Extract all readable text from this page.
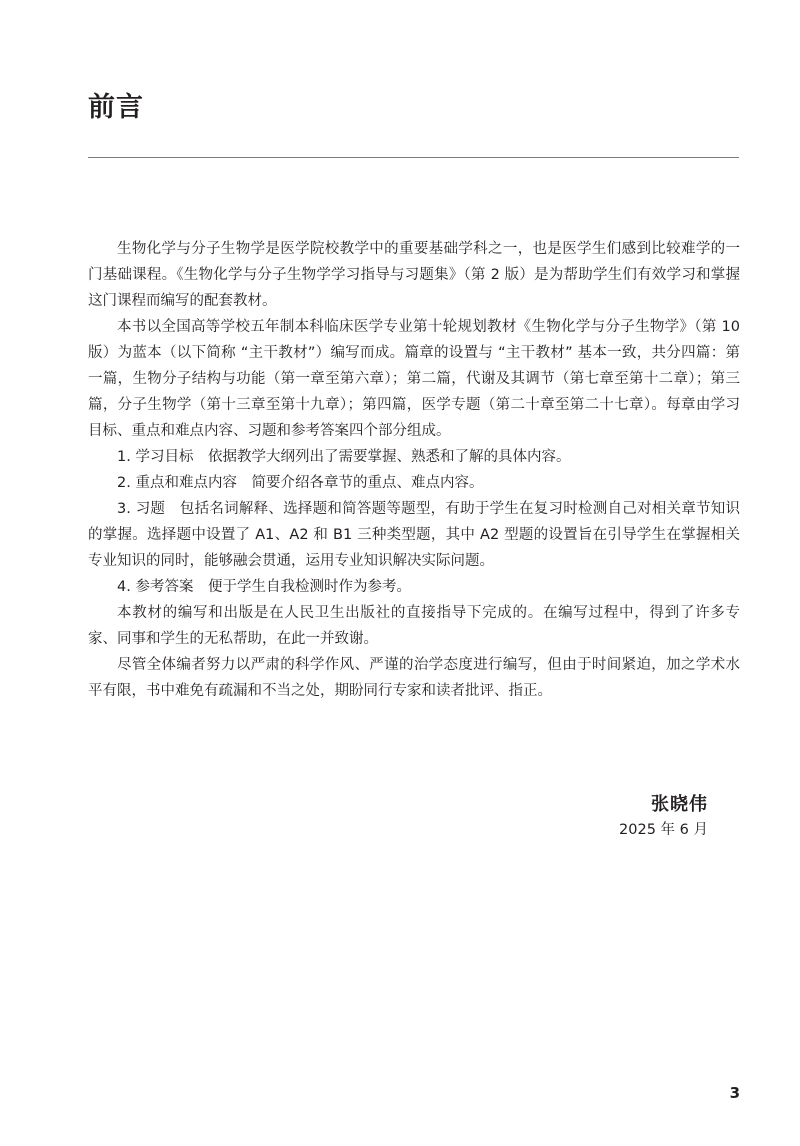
前言

生物化学与分子生物学是医学院校教学中的重要基础学科之一，也是医学生们感到比较难学的一门基础课程。《生物化学与分子生物学学习指导与习题集》（第 2 版）是为帮助学生们有效学习和掌握这门课程而编写的配套教材。

本书以全国高等学校五年制本科临床医学专业第十轮规划教材《生物化学与分子生物学》（第 10 版）为蓝本（以下简称 “主干教材”）编写而成。篇章的设置与 “主干教材” 基本一致，共分四篇：第一篇，生物分子结构与功能（第一章至第六章）；第二篇，代谢及其调节（第七章至第十二章）；第三篇，分子生物学（第十三章至第十九章）；第四篇，医学专题（第二十章至第二十七章）。每章由学习目标、重点和难点内容、习题和参考答案四个部分组成。

1. 学习目标　依据教学大纲列出了需要掌握、熟悉和了解的具体内容。

2. 重点和难点内容　简要介绍各章节的重点、难点内容。

3. 习题　包括名词解释、选择题和简答题等题型，有助于学生在复习时检测自己对相关章节知识的掌握。选择题中设置了 A1、A2 和 B1 三种类型题，其中 A2 型题的设置旨在引导学生在掌握相关专业知识的同时，能够融会贯通，运用专业知识解决实际问题。

4. 参考答案　便于学生自我检测时作为参考。

本教材的编写和出版是在人民卫生出版社的直接指导下完成的。在编写过程中，得到了许多专家、同事和学生的无私帮助，在此一并致谢。

尽管全体编者努力以严肃的科学作风、严谨的治学态度进行编写，但由于时间紧迫，加之学术水平有限，书中难免有疏漏和不当之处，期盼同行专家和读者批评、指正。

张晓伟
2025 年 6 月
3
